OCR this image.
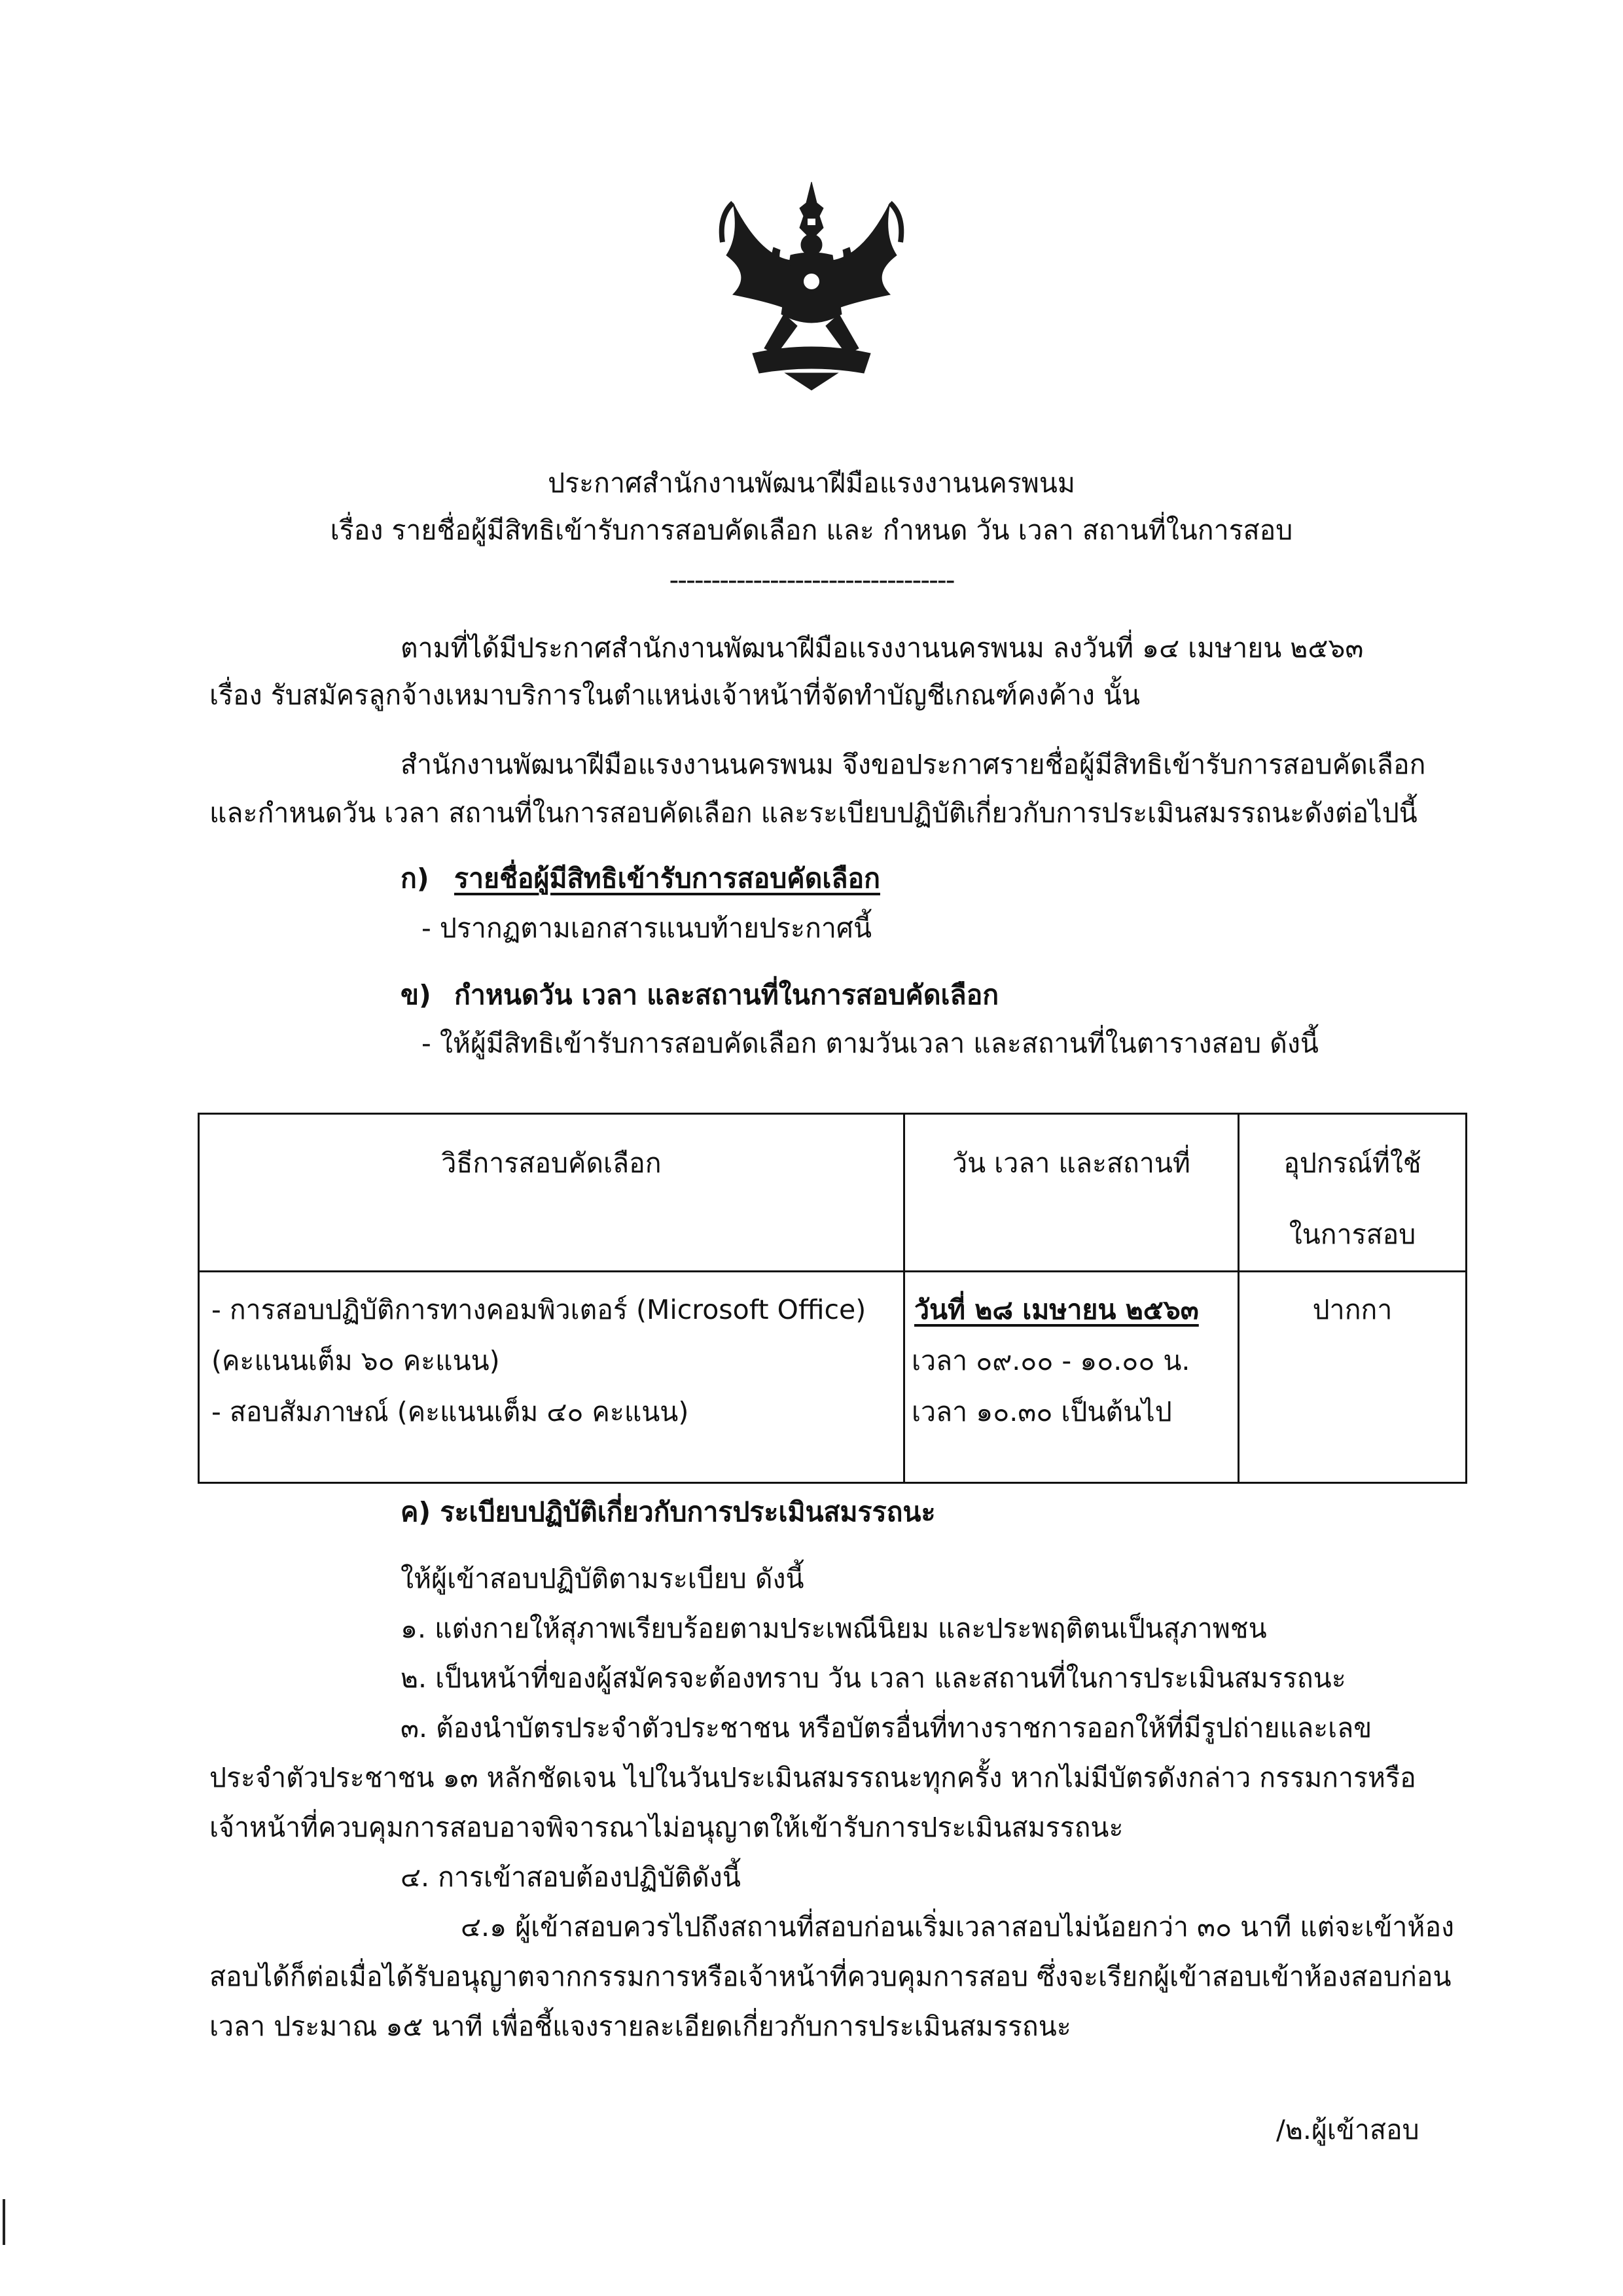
ประกาศสำนักงานพัฒนาฝีมือแรงงานนครพนม
เรื่อง รายชื่อผู้มีสิทธิเข้ารับการสอบคัดเลือก และ กำหนด วัน เวลา สถานที่ในการสอบ
----------------------------------
ตามที่ได้มีประกาศสำนักงานพัฒนาฝีมือแรงงานนครพนม ลงวันที่ ๑๔ เมษายน ๒๕๖๓
เรื่อง รับสมัครลูกจ้างเหมาบริการในตำแหน่งเจ้าหน้าที่จัดทำบัญชีเกณฑ์คงค้าง นั้น
สำนักงานพัฒนาฝีมือแรงงานนครพนม จึงขอประกาศรายชื่อผู้มีสิทธิเข้ารับการสอบคัดเลือก
และกำหนดวัน เวลา สถานที่ในการสอบคัดเลือก และระเบียบปฏิบัติเกี่ยวกับการประเมินสมรรถนะดังต่อไปนี้
ก) รายชื่อผู้มีสิทธิเข้ารับการสอบคัดเลือก
- ปรากฏตามเอกสารแนบท้ายประกาศนี้
ข) กำหนดวัน เวลา และสถานที่ในการสอบคัดเลือก
- ให้ผู้มีสิทธิเข้ารับการสอบคัดเลือก ตามวันเวลา และสถานที่ในตารางสอบ ดังนี้
วิธีการสอบคัดเลือก	วัน เวลา และสถานที่	อุปกรณ์ที่ใช้
ในการสอบ

- การสอบปฏิบัติการทางคอมพิวเตอร์ (Microsoft Office)
(คะแนนเต็ม ๖๐ คะแนน)
- สอบสัมภาษณ์ (คะแนนเต็ม ๔๐ คะแนน)	วันที่ ๒๘ เมษายน ๒๕๖๓
เวลา ๐๙.๐๐ - ๑๐.๐๐ น.
เวลา ๑๐.๓๐ เป็นต้นไป	ปากกา
ค) ระเบียบปฏิบัติเกี่ยวกับการประเมินสมรรถนะ
ให้ผู้เข้าสอบปฏิบัติตามระเบียบ ดังนี้
๑. แต่งกายให้สุภาพเรียบร้อยตามประเพณีนิยม และประพฤติตนเป็นสุภาพชน
๒. เป็นหน้าที่ของผู้สมัครจะต้องทราบ วัน เวลา และสถานที่ในการประเมินสมรรถนะ
๓. ต้องนำบัตรประจำตัวประชาชน หรือบัตรอื่นที่ทางราชการออกให้ที่มีรูปถ่ายและเลข
ประจำตัวประชาชน ๑๓ หลักชัดเจน ไปในวันประเมินสมรรถนะทุกครั้ง หากไม่มีบัตรดังกล่าว กรรมการหรือ
เจ้าหน้าที่ควบคุมการสอบอาจพิจารณาไม่อนุญาตให้เข้ารับการประเมินสมรรถนะ
๔. การเข้าสอบต้องปฏิบัติดังนี้
๔.๑ ผู้เข้าสอบควรไปถึงสถานที่สอบก่อนเริ่มเวลาสอบไม่น้อยกว่า ๓๐ นาที แต่จะเข้าห้อง
สอบได้ก็ต่อเมื่อได้รับอนุญาตจากกรรมการหรือเจ้าหน้าที่ควบคุมการสอบ ซึ่งจะเรียกผู้เข้าสอบเข้าห้องสอบก่อน
เวลา ประมาณ ๑๕ นาที เพื่อชี้แจงรายละเอียดเกี่ยวกับการประเมินสมรรถนะ
/๒.ผู้เข้าสอบ
